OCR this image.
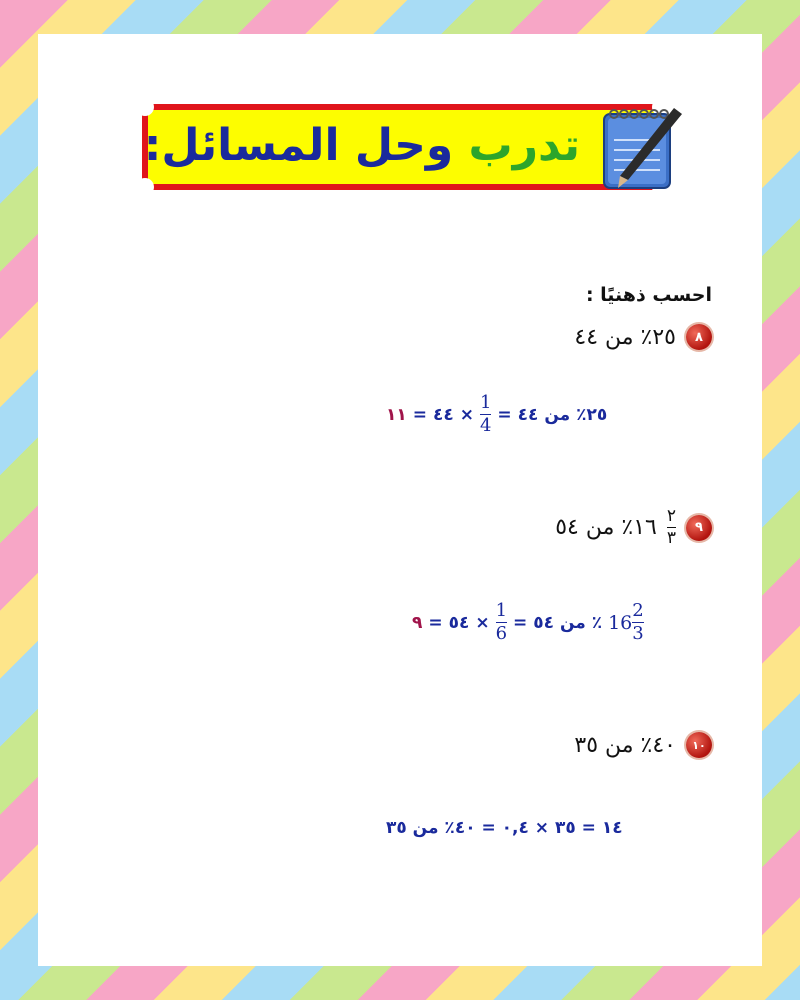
تدرب وحل المسائل:
احسب ذهنيًا :
٨
٢٥٪ من ٤٤
١١ = ٤٤ × $\frac{1}{4}$ = ٢٥٪ من ٤٤
٩
$\frac{٢}{٣}$
١٦٪ من ٥٤
٩ = ٥٤ × $\frac{1}{6}$ = ٪ من ٥٤ $16 \frac{2}{3}$
١٠
٤٠٪ من ٣٥
١٤ = ٣٥ × ٠,٤ = ٤٠٪ من ٣٥
